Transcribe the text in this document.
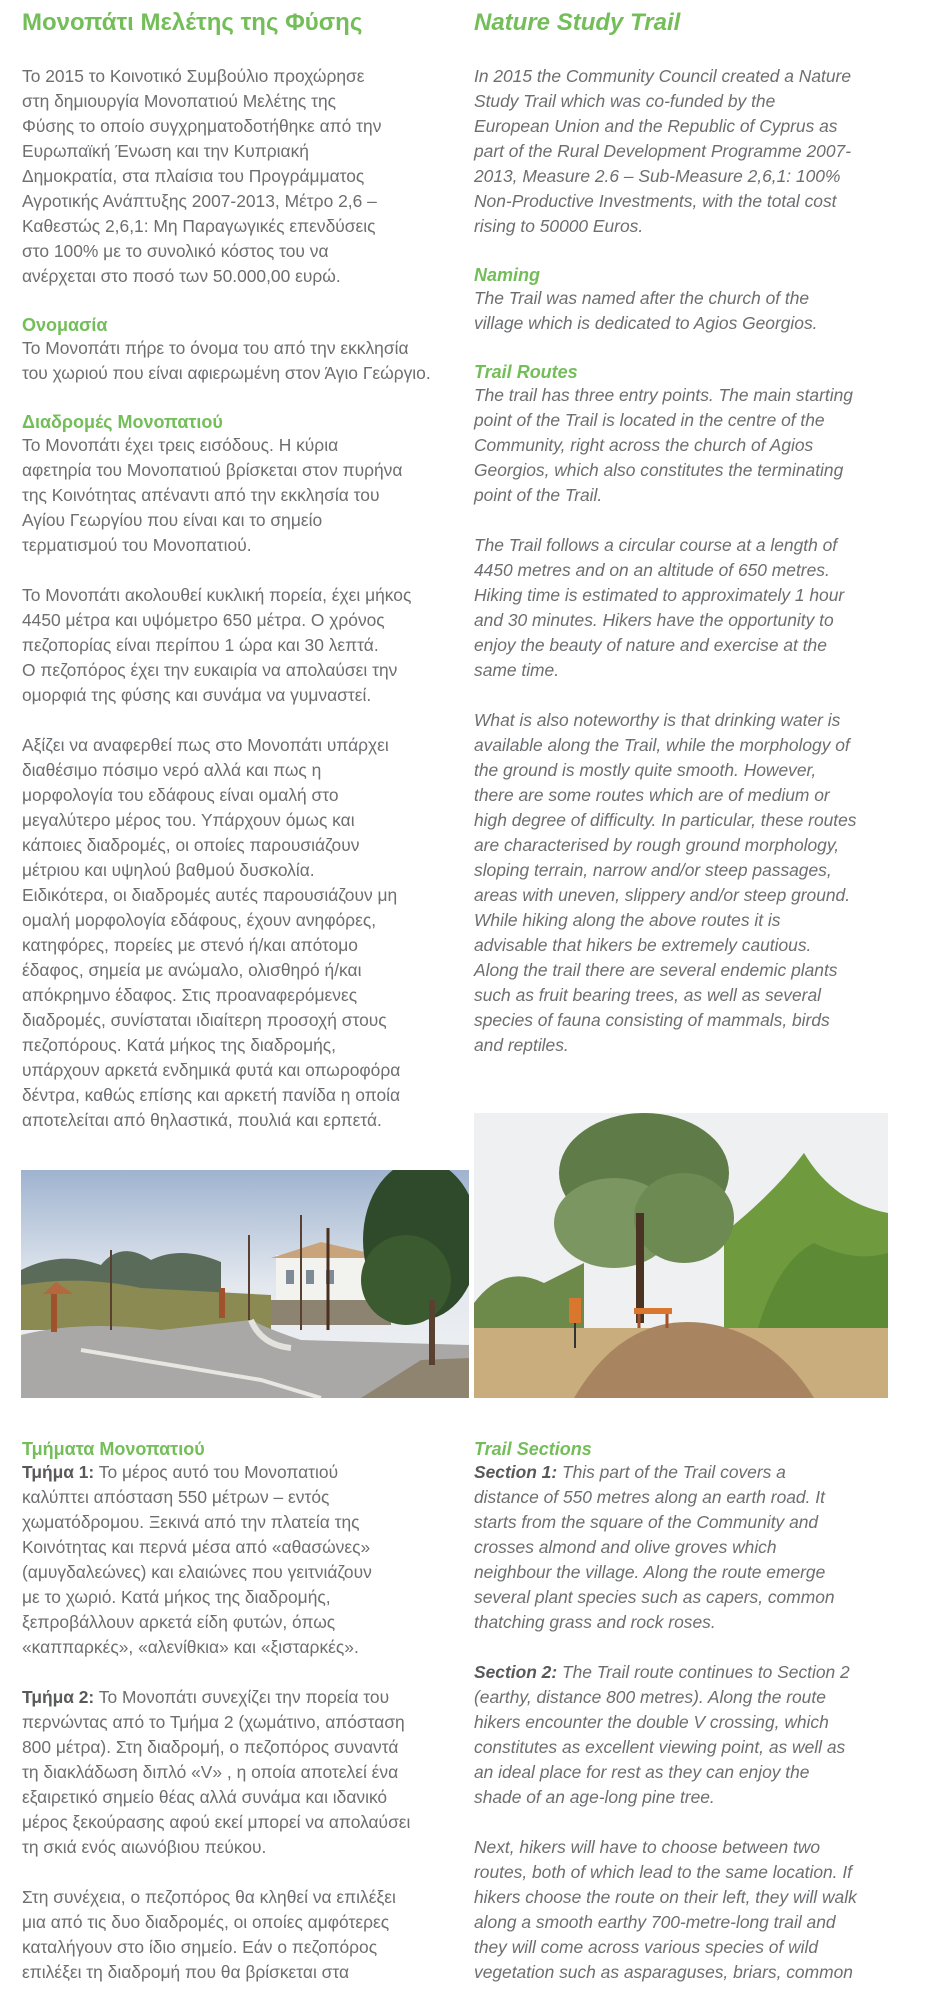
Μονοπάτι Μελέτης της Φύσης

Το 2015 το Κοινοτικό Συμβούλιο προχώρησε
στη δημιουργία Μονοπατιού Μελέτης της
Φύσης το οποίο συγχρηματοδοτήθηκε από την
Ευρωπαϊκή Ένωση και την Κυπριακή
Δημοκρατία, στα πλαίσια του Προγράμματος
Αγροτικής Ανάπτυξης 2007-2013, Μέτρο 2,6 –
Καθεστώς 2,6,1: Μη Παραγωγικές επενδύσεις
στο 100% με το συνολικό κόστος του να
ανέρχεται στο ποσό των 50.000,00 ευρώ.

Ονομασία

Το Μονοπάτι πήρε το όνομα του από την εκκλησία
του χωριού που είναι αφιερωμένη στον Άγιο Γεώργιο.

Διαδρομές Μονοπατιού

Το Μονοπάτι έχει τρεις εισόδους. Η κύρια
αφετηρία του Μονοπατιού βρίσκεται στον πυρήνα
της Κοινότητας απέναντι από την εκκλησία του
Αγίου Γεωργίου που είναι και το σημείο
τερματισμού του Μονοπατιού.

Το Μονοπάτι ακολουθεί κυκλική πορεία, έχει μήκος
4450 μέτρα και υψόμετρο 650 μέτρα. Ο χρόνος
πεζοπορίας είναι περίπου 1 ώρα και 30 λεπτά.
Ο πεζοπόρος έχει την ευκαιρία να απολαύσει την
ομορφιά της φύσης και συνάμα να γυμναστεί.

Αξίζει να αναφερθεί πως στο Μονοπάτι υπάρχει
διαθέσιμο πόσιμο νερό αλλά και πως η
μορφολογία του εδάφους είναι ομαλή στο
μεγαλύτερο μέρος του. Υπάρχουν όμως και
κάποιες διαδρομές, οι οποίες παρουσιάζουν
μέτριου και υψηλού βαθμού δυσκολία.
Ειδικότερα, οι διαδρομές αυτές παρουσιάζουν μη
ομαλή μορφολογία εδάφους, έχουν ανηφόρες,
κατηφόρες, πορείες με στενό ή/και απότομο
έδαφος, σημεία με ανώμαλο, ολισθηρό ή/και
απόκρημνο έδαφος. Στις προαναφερόμενες
διαδρομές, συνίσταται ιδιαίτερη προσοχή στους
πεζοπόρους. Κατά μήκος της διαδρομής,
υπάρχουν αρκετά ενδημικά φυτά και οπωροφόρα
δέντρα, καθώς επίσης και αρκετή πανίδα η οποία
αποτελείται από θηλαστικά, πουλιά και ερπετά.

Nature Study Trail

In 2015 the Community Council created a Nature
Study Trail which was co-funded by the
European Union and the Republic of Cyprus as
part of the Rural Development Programme 2007-
2013, Measure 2.6 – Sub-Measure 2,6,1: 100%
Non-Productive Investments, with the total cost
rising to 50000 Euros.

Naming

The Trail was named after the church of the
village which is dedicated to Agios Georgios.

Trail Routes

The trail has three entry points. The main starting
point of the Trail is located in the centre of the
Community, right across the church of Agios
Georgios, which also constitutes the terminating
point of the Trail.

The Trail follows a circular course at a length of
4450 metres and on an altitude of 650 metres.
Hiking time is estimated to approximately 1 hour
and 30 minutes. Hikers have the opportunity to
enjoy the beauty of nature and exercise at the
same time.

What is also noteworthy is that drinking water is
available along the Trail, while the morphology of
the ground is mostly quite smooth. However,
there are some routes which are of medium or
high degree of difficulty. In particular, these routes
are characterised by rough ground morphology,
sloping terrain, narrow and/or steep passages,
areas with uneven, slippery and/or steep ground.
While hiking along the above routes it is
advisable that hikers be extremely cautious.
Along the trail there are several endemic plants
such as fruit bearing trees, as well as several
species of fauna consisting of mammals, birds
and reptiles.

Τμήματα Μονοπατιού

Τμήμα 1: Το μέρος αυτό του Μονοπατιού
καλύπτει απόσταση 550 μέτρων – εντός
χωματόδρομου. Ξεκινά από την πλατεία της
Κοινότητας και περνά μέσα από «αθασώνες»
(αμυγδαλεώνες) και ελαιώνες που γειτνιάζουν
με το χωριό. Κατά μήκος της διαδρομής,
ξεπροβάλλουν αρκετά είδη φυτών, όπως
«καππαρκές», «αλενίθκια» και «ξισταρκές».

Τμήμα 2: Το Μονοπάτι συνεχίζει την πορεία του
περνώντας από το Τμήμα 2 (χωμάτινο, απόσταση
800 μέτρα). Στη διαδρομή, ο πεζοπόρος συναντά
τη διακλάδωση διπλό «V» , η οποία αποτελεί ένα
εξαιρετικό σημείο θέας αλλά συνάμα και ιδανικό
μέρος ξεκούρασης αφού εκεί μπορεί να απολαύσει
τη σκιά ενός αιωνόβιου πεύκου.

Στη συνέχεια, ο πεζοπόρος θα κληθεί να επιλέξει
μια από τις δυο διαδρομές, οι οποίες αμφότερες
καταλήγουν στο ίδιο σημείο. Εάν ο πεζοπόρος
επιλέξει τη διαδρομή που θα βρίσκεται στα

Trail Sections

Section 1: This part of the Trail covers a
distance of 550 metres along an earth road. It
starts from the square of the Community and
crosses almond and olive groves which
neighbour the village. Along the route emerge
several plant species such as capers, common
thatching grass and rock roses.

Section 2: The Trail route continues to Section 2
(earthy, distance 800 metres). Along the route
hikers encounter the double V crossing, which
constitutes as excellent viewing point, as well as
an ideal place for rest as they can enjoy the
shade of an age-long pine tree.

Next, hikers will have to choose between two
routes, both of which lead to the same location. If
hikers choose the route on their left, they will walk
along a smooth earthy 700-metre-long trail and
they will come across various species of wild
vegetation such as asparaguses, briars, common
